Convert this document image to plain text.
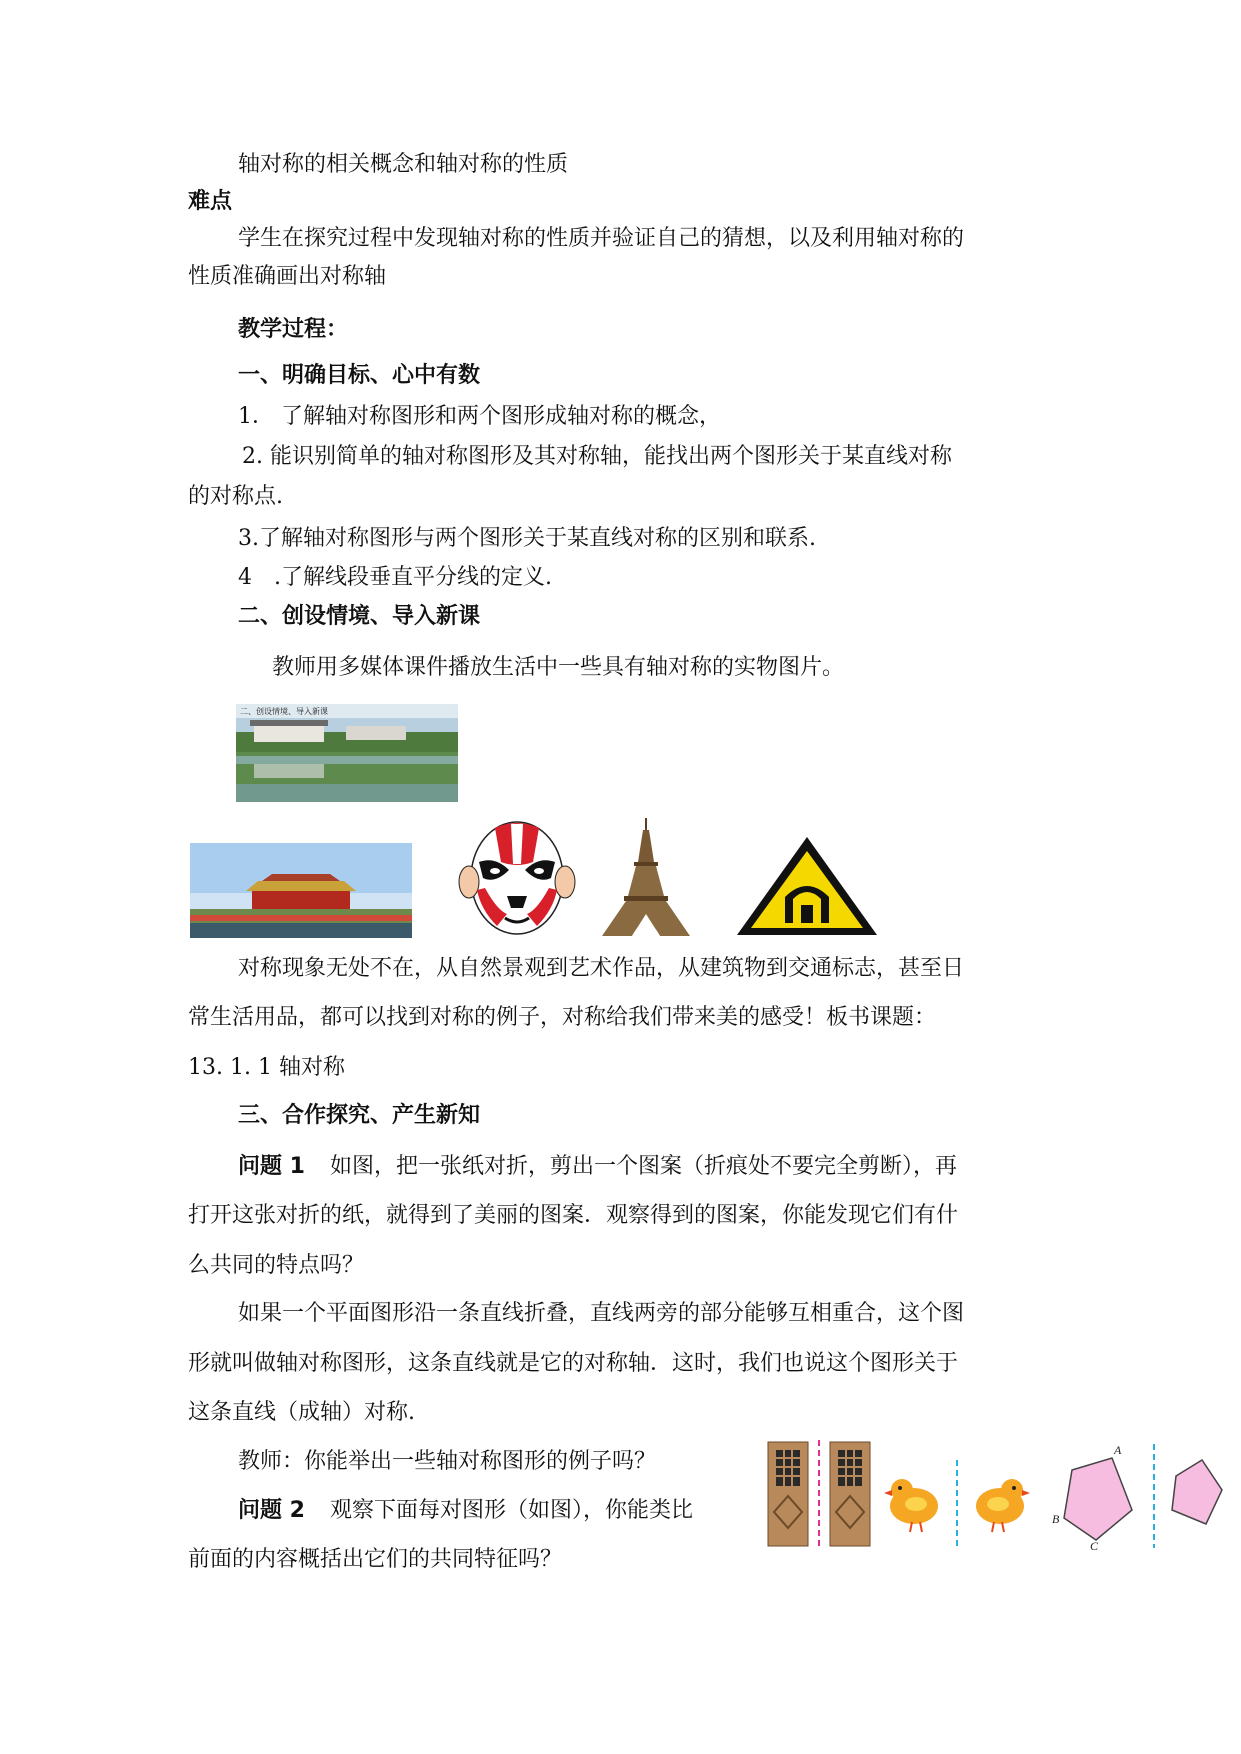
轴对称的相关概念和轴对称的性质
难点
学生在探究过程中发现轴对称的性质并验证自己的猜想，以及利用轴对称的
性质准确画出对称轴
教学过程：
一、明确目标、心中有数
1． 了解轴对称图形和两个图形成轴对称的概念，
2. 能识别简单的轴对称图形及其对称轴，能找出两个图形关于某直线对称
的对称点.
3.了解轴对称图形与两个图形关于某直线对称的区别和联系.
4　.了解线段垂直平分线的定义.
二、创设情境、导入新课
教师用多媒体课件播放生活中一些具有轴对称的实物图片。
二、创设情境、导入新课
对称现象无处不在，从自然景观到艺术作品，从建筑物到交通标志，甚至日
常生活用品，都可以找到对称的例子，对称给我们带来美的感受！板书课题：
13. 1. 1 轴对称
三、合作探究、产生新知
问题 1 如图，把一张纸对折，剪出一个图案（折痕处不要完全剪断），再
打开这张对折的纸，就得到了美丽的图案．观察得到的图案，你能发现它们有什
么共同的特点吗？
如果一个平面图形沿一条直线折叠，直线两旁的部分能够互相重合，这个图
形就叫做轴对称图形，这条直线就是它的对称轴．这时，我们也说这个图形关于
这条直线（成轴）对称.
教师：你能举出一些轴对称图形的例子吗？
问题 2 观察下面每对图形（如图），你能类比
前面的内容概括出它们的共同特征吗？
A
B
C
